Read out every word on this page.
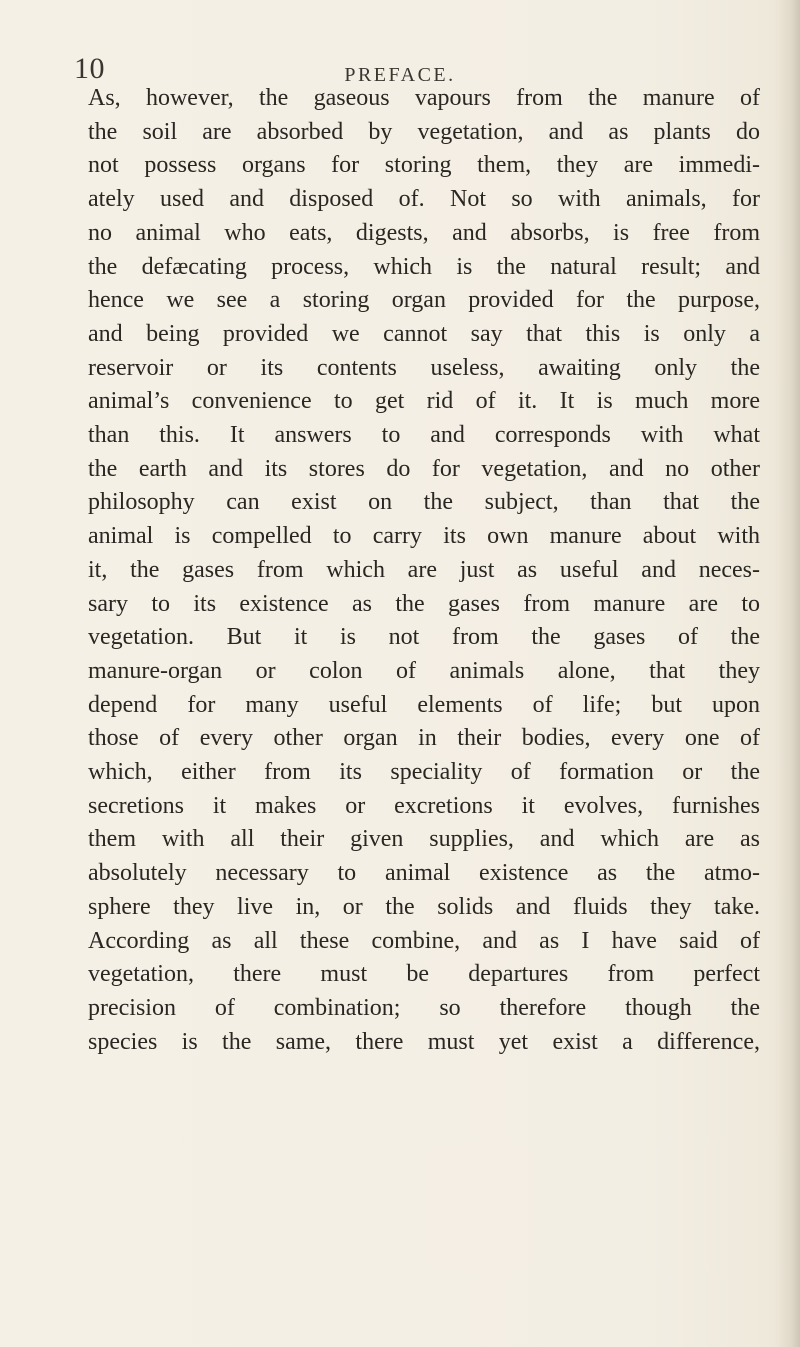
10	PREFACE.
As, however, the gaseous vapours from the manure of
the soil are absorbed by vegetation, and as plants do
not possess organs for storing them, they are immedi-
ately used and disposed of. Not so with animals, for
no animal who eats, digests, and absorbs, is free from
the defæcating process, which is the natural result; and
hence we see a storing organ provided for the purpose,
and being provided we cannot say that this is only a
reservoir or its contents useless, awaiting only the
animal’s convenience to get rid of it. It is much more
than this. It answers to and corresponds with what
the earth and its stores do for vegetation, and no other
philosophy can exist on the subject, than that the
animal is compelled to carry its own manure about with
it, the gases from which are just as useful and neces-
sary to its existence as the gases from manure are to
vegetation. But it is not from the gases of the
manure-organ or colon of animals alone, that they
depend for many useful elements of life; but upon
those of every other organ in their bodies, every one of
which, either from its speciality of formation or the
secretions it makes or excretions it evolves, furnishes
them with all their given supplies, and which are as
absolutely necessary to animal existence as the atmo-
sphere they live in, or the solids and fluids they take.
According as all these combine, and as I have said of
vegetation, there must be departures from perfect
precision of combination; so therefore though the
species is the same, there must yet exist a difference,
